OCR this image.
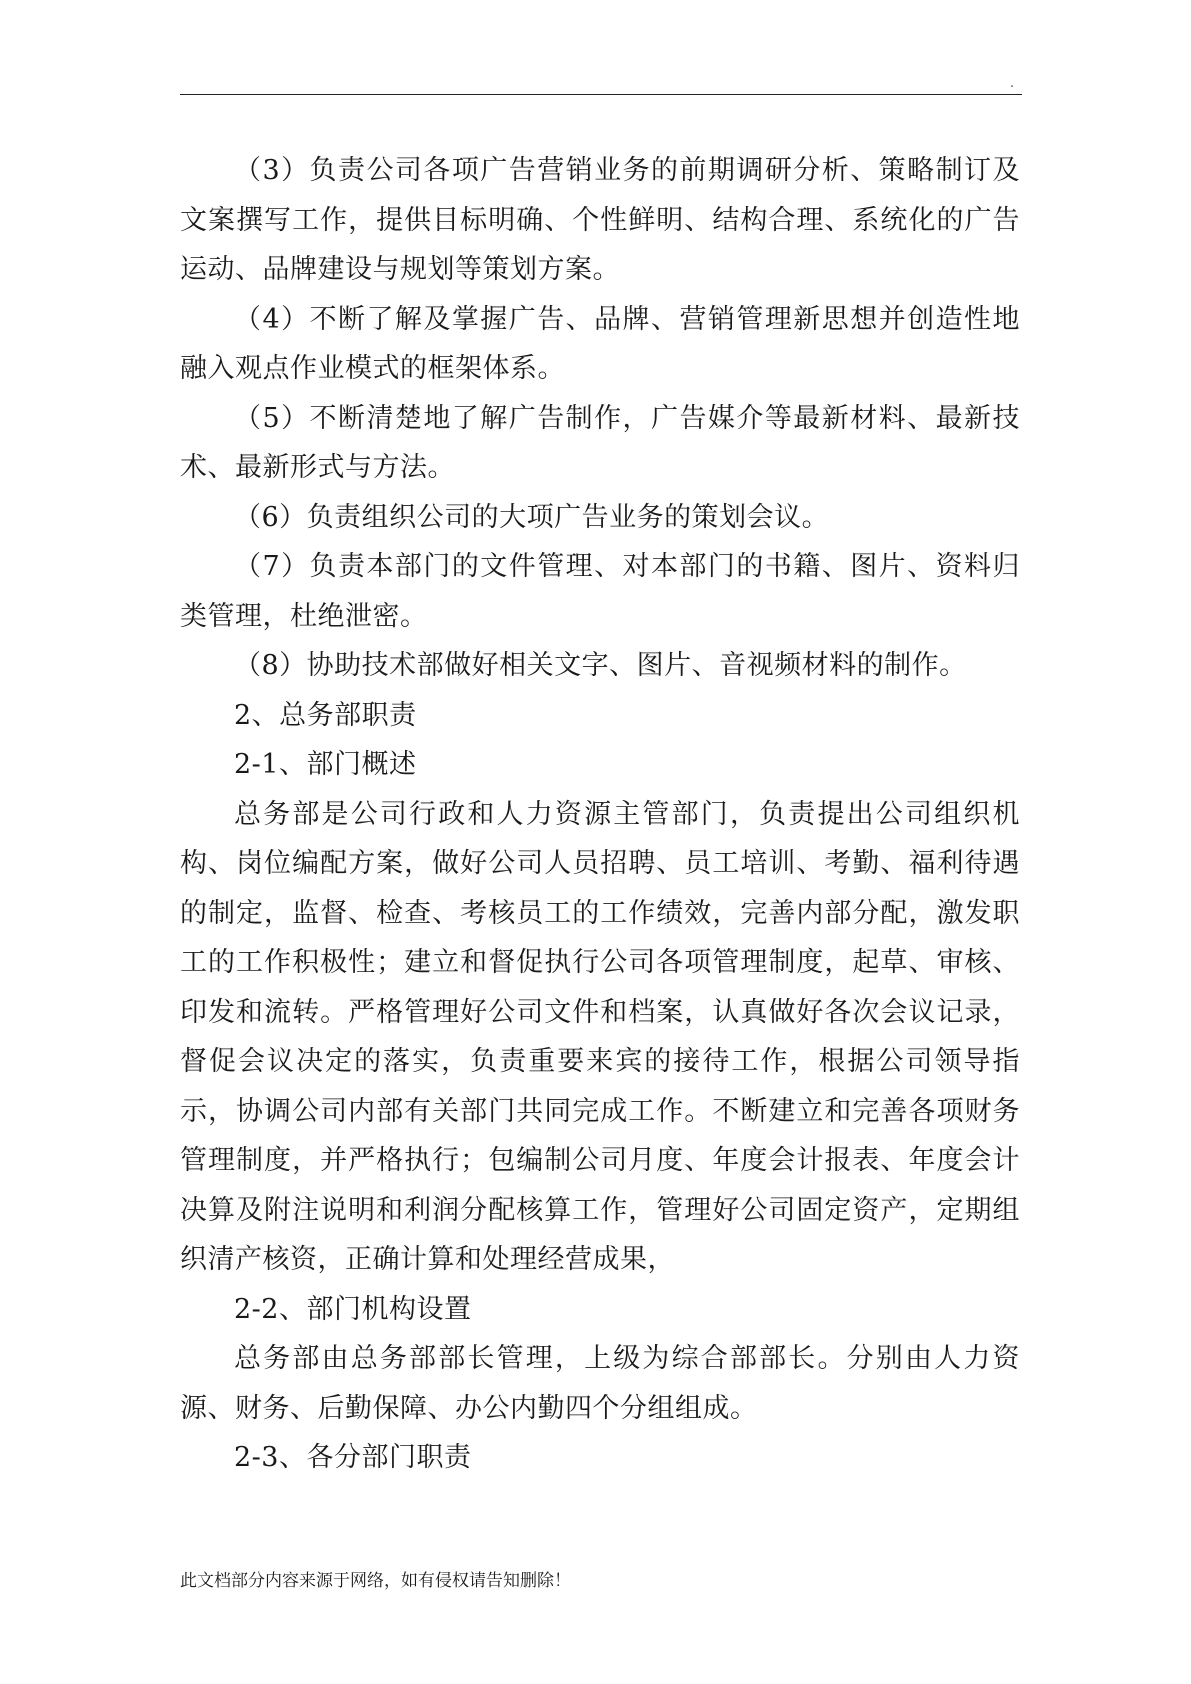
.

（3）负责公司各项广告营销业务的前期调研分析、策略制订及文案撰写工作，提供目标明确、个性鲜明、结构合理、系统化的广告运动、品牌建设与规划等策划方案。

（4）不断了解及掌握广告、品牌、营销管理新思想并创造性地融入观点作业模式的框架体系。

（5）不断清楚地了解广告制作，广告媒介等最新材料、最新技术、最新形式与方法。

（6）负责组织公司的大项广告业务的策划会议。

（7）负责本部门的文件管理、对本部门的书籍、图片、资料归类管理，杜绝泄密。

（8）协助技术部做好相关文字、图片、音视频材料的制作。

2、总务部职责

2-1、部门概述

总务部是公司行政和人力资源主管部门，负责提出公司组织机构、岗位编配方案，做好公司人员招聘、员工培训、考勤、福利待遇的制定，监督、检查、考核员工的工作绩效，完善内部分配，激发职工的工作积极性；建立和督促执行公司各项管理制度，起草、审核、印发和流转。严格管理好公司文件和档案，认真做好各次会议记录，督促会议决定的落实，负责重要来宾的接待工作，根据公司领导指示，协调公司内部有关部门共同完成工作。不断建立和完善各项财务管理制度，并严格执行；包编制公司月度、年度会计报表、年度会计决算及附注说明和利润分配核算工作，管理好公司固定资产，定期组织清产核资，正确计算和处理经营成果，

2-2、部门机构设置

总务部由总务部部长管理，上级为综合部部长。分别由人力资源、财务、后勤保障、办公内勤四个分组组成。

2-3、各分部门职责

此文档部分内容来源于网络，如有侵权请告知删除！
